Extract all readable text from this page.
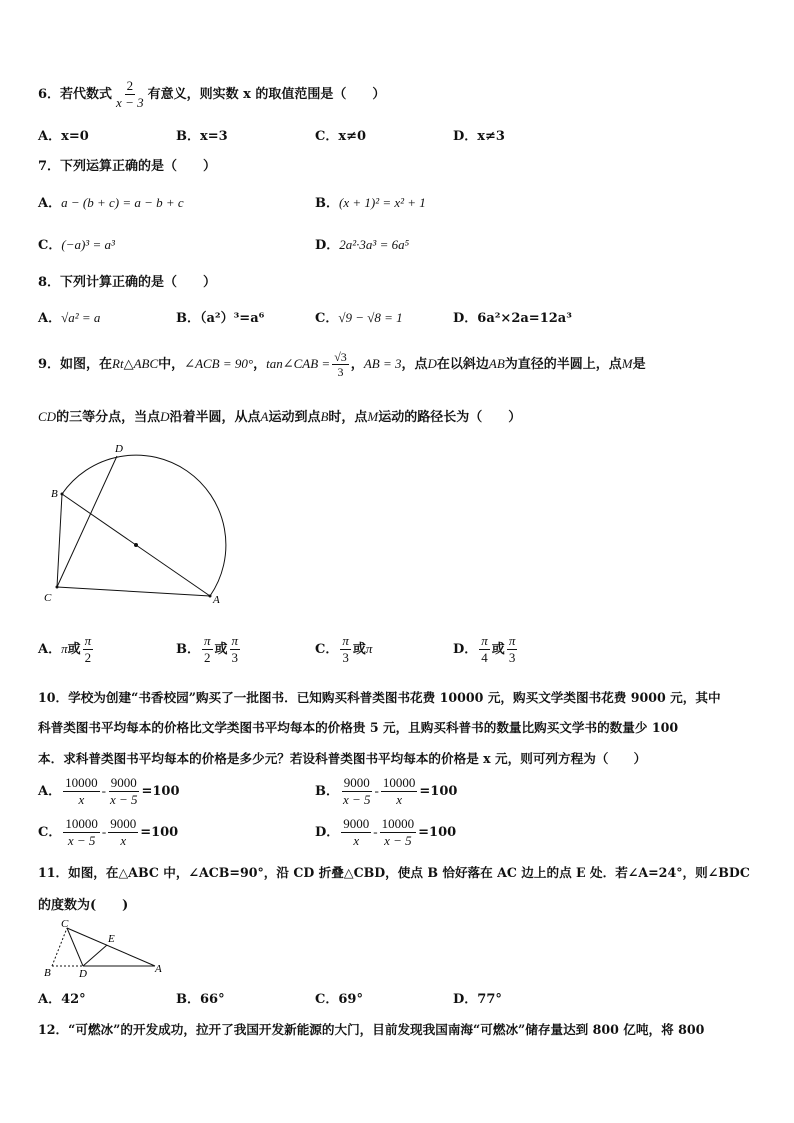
6．若代数式 $\frac{2}{x - 3}$ 有意义，则实数 x 的取值范围是（　　）
A．x=0	B．x=3	C．x≠0	D．x≠3
7．下列运算正确的是（　　）
A．a − (b + c) = a − b + c	B．(x + 1)² = x² + 1
C．(−a)³ = a³	D．2a²·3a³ = 6a⁵
8．下列计算正确的是（　　）
A．√a² = a	B．（a²）³=a⁶	C．√9 − √8 = 1	D．6a²×2a=12a³
9．如图，在Rt△ABC中，∠ACB = 90°，tan∠CAB = $\frac{√3}{3}$ ，AB = 3，点D在以斜边AB为直径的半圆上，点M是
CD的三等分点，当点D沿着半圆，从点A运动到点B时，点M运动的路径长为（　　）
D
B
C	A
A．π或 $\frac{\pi}{2}$	B． $\frac{\pi}{2}$ 或 $\frac{\pi}{3}$	C． $\frac{\pi}{3}$ 或π	D． $\frac{\pi}{4}$ 或 $\frac{\pi}{3}$
10．学校为创建“书香校园”购买了一批图书．已知购买科普类图书花费 10000 元，购买文学类图书花费 9000 元，其中
科普类图书平均每本的价格比文学类图书平均每本的价格贵 5 元，且购买科普书的数量比购买文学书的数量少 100
本．求科普类图书平均每本的价格是多少元？若设科普类图书平均每本的价格是 x 元，则可列方程为（　　）
A． $\frac{10000}{x} - \frac{9000}{x - 5} =100$	B． $\frac{9000}{x - 5} - \frac{10000}{x} =100$
C． $\frac{10000}{x - 5} - \frac{9000}{x} =100$	D． $\frac{9000}{x} - \frac{10000}{x - 5} =100$
11．如图，在△ABC 中，∠ACB=90°，沿 CD 折叠△CBD，使点 B 恰好落在 AC 边上的点 E 处．若∠A=24°，则∠BDC
的度数为(　　)
C
E
B	D	A
A．42°	B．66°	C．69°	D．77°
12．“可燃冰”的开发成功，拉开了我国开发新能源的大门，目前发现我国南海“可燃冰”储存量达到 800 亿吨，将 800
